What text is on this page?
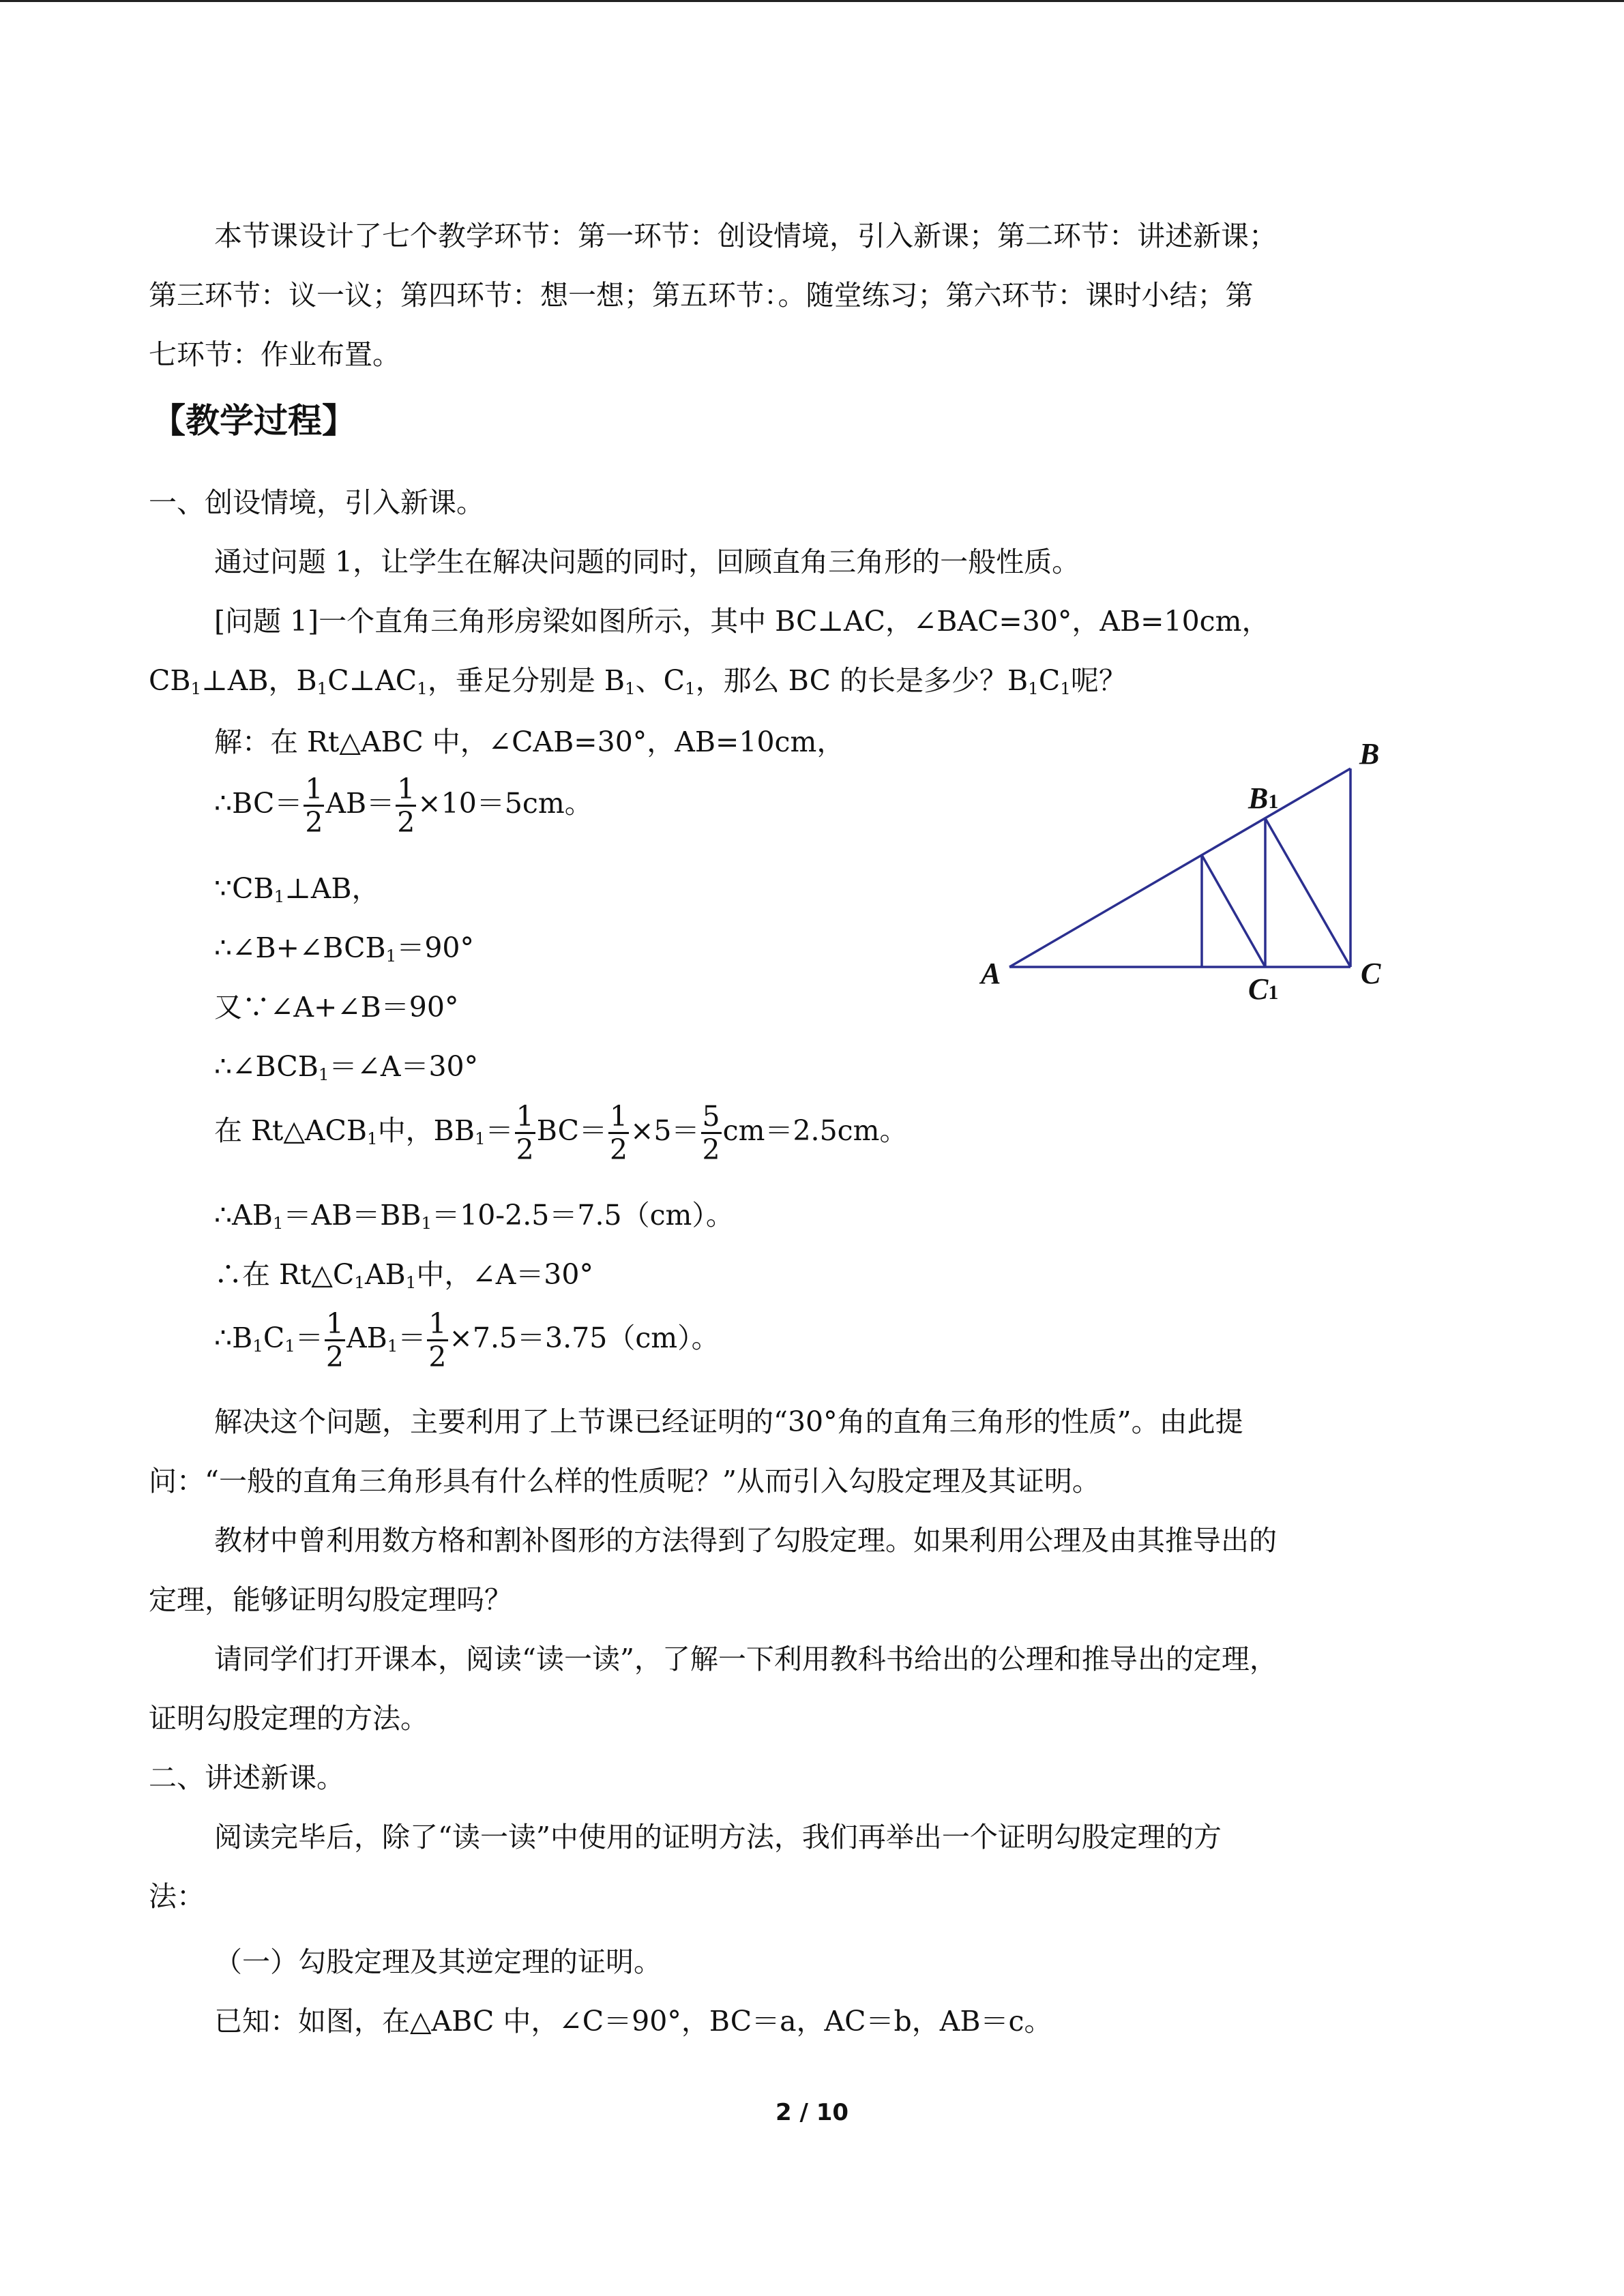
本节课设计了七个教学环节：第一环节：创设情境，引入新课；第二环节：讲述新课；
第三环节：议一议；第四环节：想一想；第五环节：。随堂练习；第六环节：课时小结；第
七环节：作业布置。
【教学过程】
一、创设情境，引入新课。
通过问题 1，让学生在解决问题的同时，回顾直角三角形的一般性质。
[问题 1]一个直角三角形房梁如图所示，其中 BC⊥AC，∠BAC=30°，AB=10cm，
$CB_1\perp AB$，$B_1C\perp AC_1$，垂足分别是 $B_1$、$C_1$，那么 BC 的长是多少？$B_1C_1$呢？
解：在 Rt△ABC 中，∠CAB=30°，AB=10cm，
∴BC＝ $\frac{1}{2} AB= \frac{1}{2} \times 10=5cm$。
$\because CB_1\perp AB$，
$\therefore\angle B+\angle BCB_1=90^\circ$
又∵∠A+∠B＝90°
$\therefore\angle BCB_1=\angle A=30^\circ$
在 $Rt\triangle ACB_1$中，$BB_1= \frac{1}{2} BC= \frac{1}{2} \times 5= \frac{5}{2} cm=2.5cm$。
$\therefore AB_1=AB=BB_1=10-2.5=7.5(cm)$。
∴在 $Rt\triangle C_1AB_1$中，∠A＝30°
$\therefore B_1C_1= \frac{1}{2} AB_1= \frac{1}{2} \times 7.5=3.75(cm)$。
解决这个问题，主要利用了上节课已经证明的“30°角的直角三角形的性质”。由此提
问：“一般的直角三角形具有什么样的性质呢？”从而引入勾股定理及其证明。
教材中曾利用数方格和割补图形的方法得到了勾股定理。如果利用公理及由其推导出的
定理，能够证明勾股定理吗？
请同学们打开课本，阅读“读一读”，了解一下利用教科书给出的公理和推导出的定理，
证明勾股定理的方法。
二、讲述新课。
阅读完毕后，除了“读一读”中使用的证明方法，我们再举出一个证明勾股定理的方
法：
（一）勾股定理及其逆定理的证明。
已知：如图，在△ABC 中，∠C＝90°，BC＝a，AC＝b，AB＝c。
A
B
C
B1
C1
2 / 10
